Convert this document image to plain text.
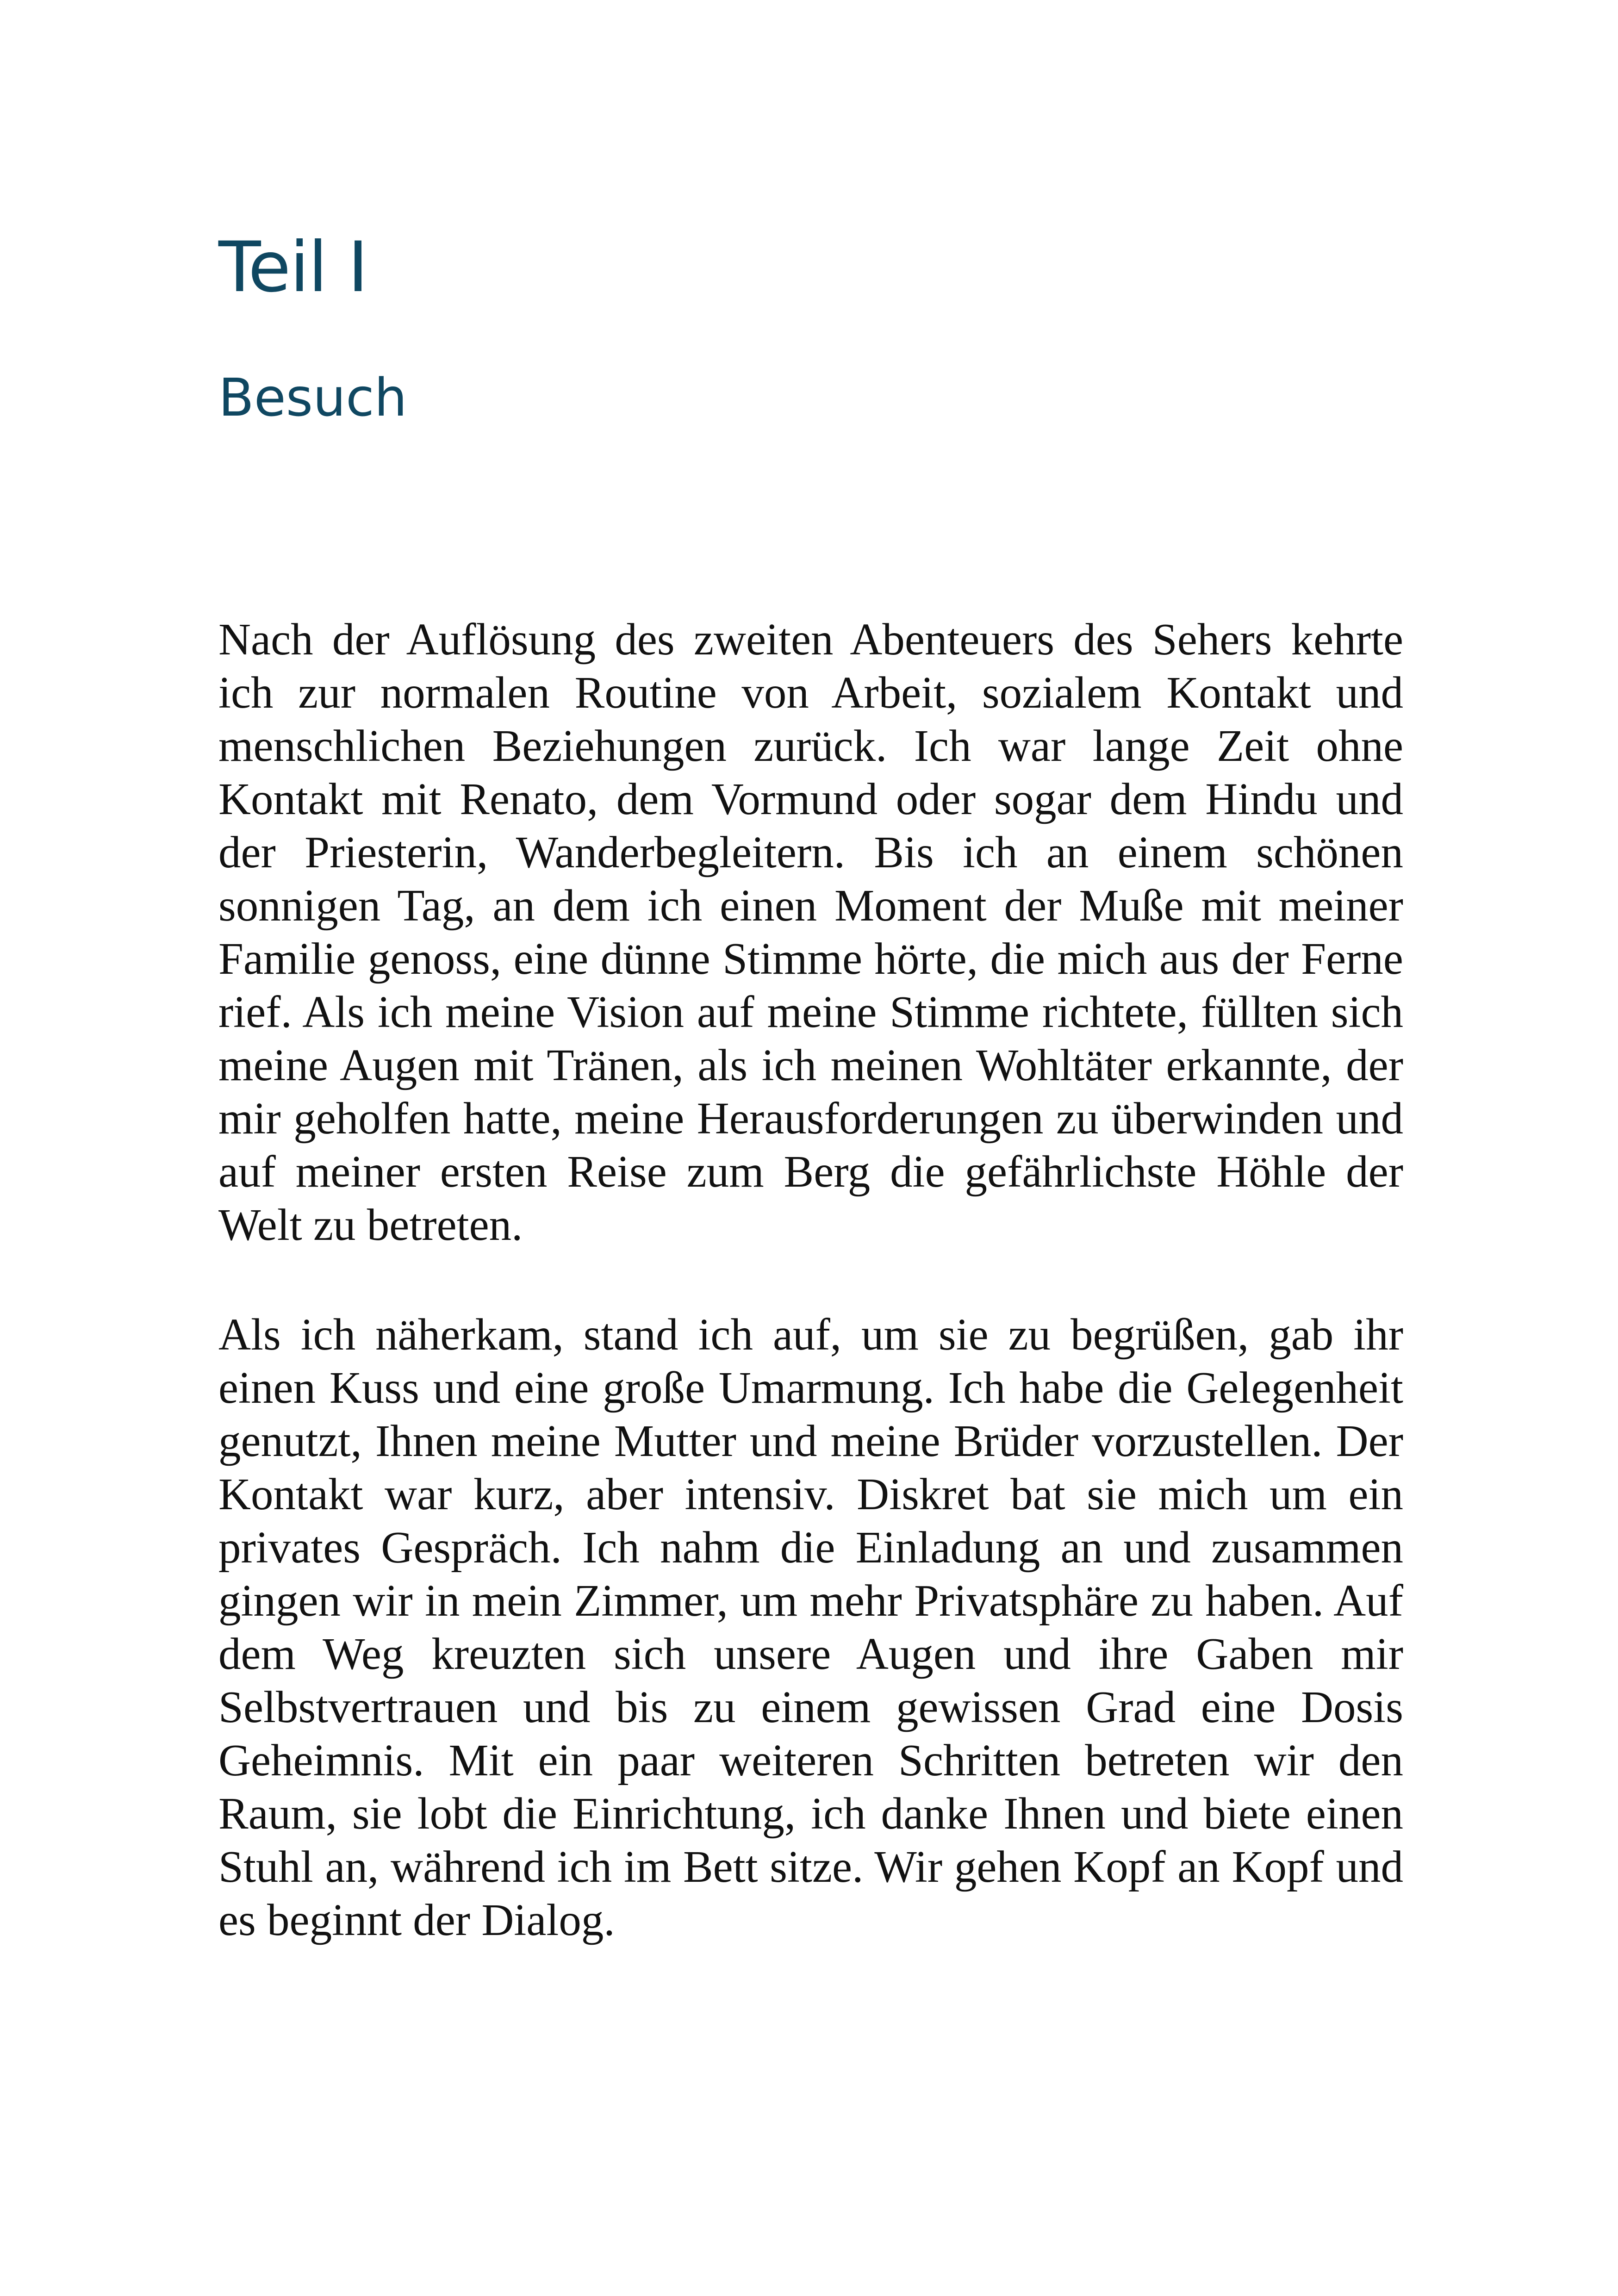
Teil I
Besuch

Nach der Auflösung des zweiten Abenteuers des Sehers kehrte ich zur normalen Routine von Arbeit, sozialem Kontakt und menschlichen Beziehungen zurück. Ich war lange Zeit ohne Kontakt mit Renato, dem Vormund oder sogar dem Hindu und der Priesterin, Wanderbegleitern. Bis ich an einem schönen sonnigen Tag, an dem ich einen Moment der Muße mit meiner Familie genoss, eine dünne Stimme hörte, die mich aus der Ferne rief. Als ich meine Vision auf meine Stimme richtete, füllten sich meine Augen mit Tränen, als ich meinen Wohltäter erkannte, der mir geholfen hatte, meine Herausforderungen zu überwinden und auf meiner ersten Reise zum Berg die gefährlichste Höhle der Welt zu betreten.

Als ich näherkam, stand ich auf, um sie zu begrüßen, gab ihr einen Kuss und eine große Umarmung. Ich habe die Gelegenheit genutzt, Ihnen meine Mutter und meine Brüder vorzustellen. Der Kontakt war kurz, aber intensiv. Diskret bat sie mich um ein privates Gespräch. Ich nahm die Einladung an und zusammen gingen wir in mein Zimmer, um mehr Privatsphäre zu haben. Auf dem Weg kreuzten sich unsere Augen und ihre Gaben mir Selbstvertrauen und bis zu einem gewissen Grad eine Dosis Geheimnis. Mit ein paar weiteren Schritten betreten wir den Raum, sie lobt die Einrichtung, ich danke Ihnen und biete einen Stuhl an, während ich im Bett sitze. Wir gehen Kopf an Kopf und es beginnt der Dialog.
